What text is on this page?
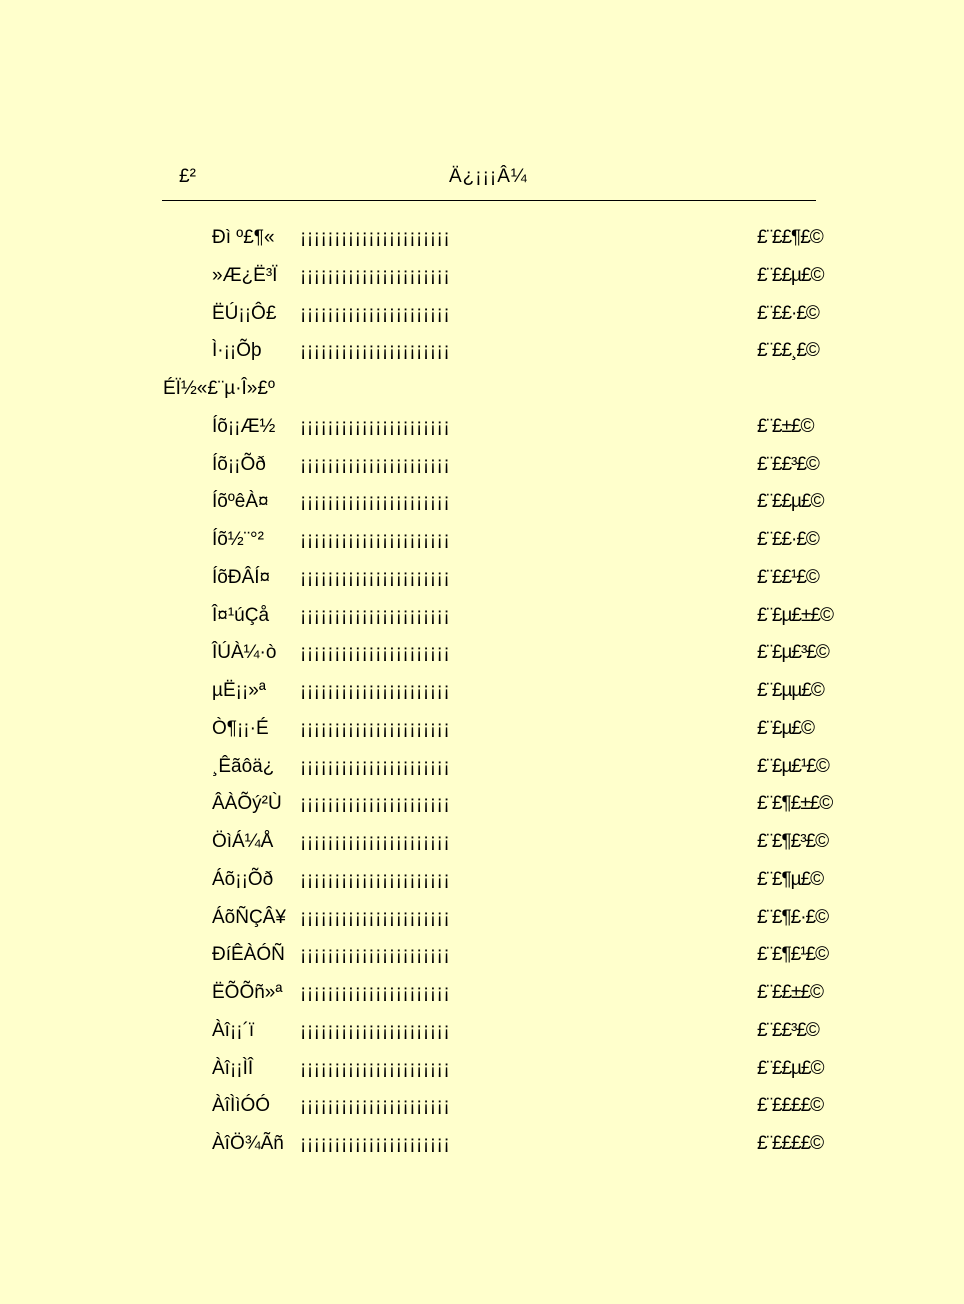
£²	Ä¿¡¡¡Â¼
Ðì º£¶« ¡¡¡¡¡¡¡¡¡¡¡¡¡¡¡¡¡¡¡¡¡¡	£¨££¶£©
»Æ¿Ë³Ï ¡¡¡¡¡¡¡¡¡¡¡¡¡¡¡¡¡¡¡¡¡¡	£¨££µ£©
ËÚ¡¡Ô£ ¡¡¡¡¡¡¡¡¡¡¡¡¡¡¡¡¡¡¡¡¡¡	£¨££·£©
Ì·¡¡Õþ ¡¡¡¡¡¡¡¡¡¡¡¡¡¡¡¡¡¡¡¡¡¡	£¨££¸£©
ÉÏ½«£¨µ·Î»£º
Íõ¡¡Æ½ ¡¡¡¡¡¡¡¡¡¡¡¡¡¡¡¡¡¡¡¡¡¡	£¨£±£©
Íõ¡¡Õð ¡¡¡¡¡¡¡¡¡¡¡¡¡¡¡¡¡¡¡¡¡¡	£¨££³£©
ÍõºêÀ¤ ¡¡¡¡¡¡¡¡¡¡¡¡¡¡¡¡¡¡¡¡¡¡	£¨££µ£©
Íõ½¨°² ¡¡¡¡¡¡¡¡¡¡¡¡¡¡¡¡¡¡¡¡¡¡	£¨££·£©
ÍõÐÂÍ¤ ¡¡¡¡¡¡¡¡¡¡¡¡¡¡¡¡¡¡¡¡¡¡	£¨££¹£©
Î¤¹úÇå ¡¡¡¡¡¡¡¡¡¡¡¡¡¡¡¡¡¡¡¡¡¡	£¨£µ£±£©
ÎÚÀ¼·ò ¡¡¡¡¡¡¡¡¡¡¡¡¡¡¡¡¡¡¡¡¡¡	£¨£µ£³£©
µË¡¡»ª ¡¡¡¡¡¡¡¡¡¡¡¡¡¡¡¡¡¡¡¡¡¡	£¨£µµ£©
Ò¶¡¡·É ¡¡¡¡¡¡¡¡¡¡¡¡¡¡¡¡¡¡¡¡¡¡	£¨£µ£©
¸Êãôä¿ ¡¡¡¡¡¡¡¡¡¡¡¡¡¡¡¡¡¡¡¡¡¡	£¨£µ£¹£©
ÂÀÕý²Ù ¡¡¡¡¡¡¡¡¡¡¡¡¡¡¡¡¡¡¡¡¡¡	£¨£¶£±£©
ÖìÁ¼Å ¡¡¡¡¡¡¡¡¡¡¡¡¡¡¡¡¡¡¡¡¡¡	£¨£¶£³£©
Áõ¡¡Õð ¡¡¡¡¡¡¡¡¡¡¡¡¡¡¡¡¡¡¡¡¡¡	£¨£¶µ£©
ÁõÑÇÂ¥ ¡¡¡¡¡¡¡¡¡¡¡¡¡¡¡¡¡¡¡¡¡¡	£¨£¶£·£©
ÐíÊÀÓÑ ¡¡¡¡¡¡¡¡¡¡¡¡¡¡¡¡¡¡¡¡¡¡	£¨£¶£¹£©
ËÕÕñ»ª ¡¡¡¡¡¡¡¡¡¡¡¡¡¡¡¡¡¡¡¡¡¡	£¨££±£©
Àî¡¡´ï ¡¡¡¡¡¡¡¡¡¡¡¡¡¡¡¡¡¡¡¡¡¡	£¨££³£©
Àî¡¡ÌÎ ¡¡¡¡¡¡¡¡¡¡¡¡¡¡¡¡¡¡¡¡¡¡	£¨££µ£©
ÀîÌìÓÓ ¡¡¡¡¡¡¡¡¡¡¡¡¡¡¡¡¡¡¡¡¡¡	£¨££££©
ÀîÖ¾Ãñ ¡¡¡¡¡¡¡¡¡¡¡¡¡¡¡¡¡¡¡¡¡¡	£¨££££©
